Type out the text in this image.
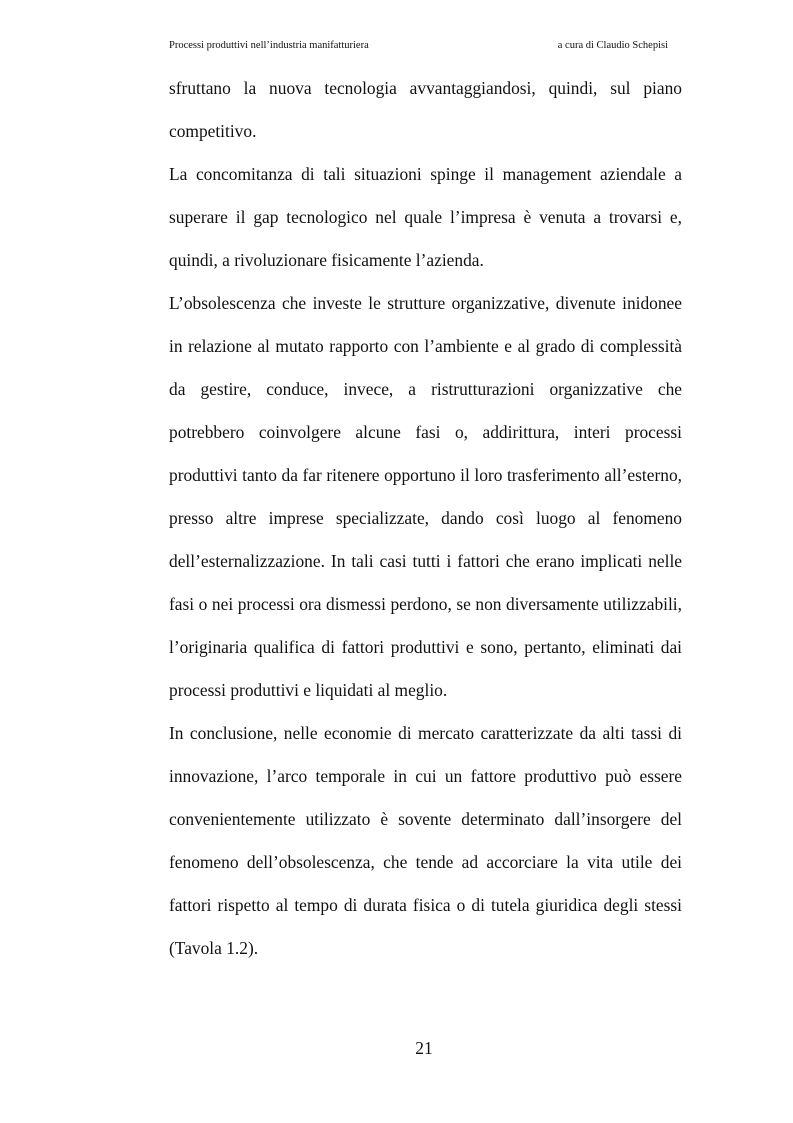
Processi produttivi nell’industria manifatturiera	a cura di Claudio Schepisi

sfruttano la nuova tecnologia avvantaggiandosi, quindi, sul piano competitivo.

La concomitanza di tali situazioni spinge il management aziendale a superare il gap tecnologico nel quale l’impresa è venuta a trovarsi e, quindi, a rivoluzionare fisicamente l’azienda.

L’obsolescenza che investe le strutture organizzative, divenute inidonee in relazione al mutato rapporto con l’ambiente e al grado di complessità da gestire, conduce, invece, a ristrutturazioni organizzative che potrebbero coinvolgere alcune fasi o, addirittura, interi processi produttivi tanto da far ritenere opportuno il loro trasferimento all’esterno, presso altre imprese specializzate, dando così luogo al fenomeno dell’esternalizzazione. In tali casi tutti i fattori che erano implicati nelle fasi o nei processi ora dismessi perdono, se non diversamente utilizzabili, l’originaria qualifica di fattori produttivi e sono, pertanto, eliminati dai processi produttivi e liquidati al meglio.

In conclusione, nelle economie di mercato caratterizzate da alti tassi di innovazione, l’arco temporale in cui un fattore produttivo può essere convenientemente utilizzato è sovente determinato dall’insorgere del fenomeno dell’obsolescenza, che tende ad accorciare la vita utile dei fattori rispetto al tempo di durata fisica o di tutela giuridica degli stessi (Tavola 1.2).

21
